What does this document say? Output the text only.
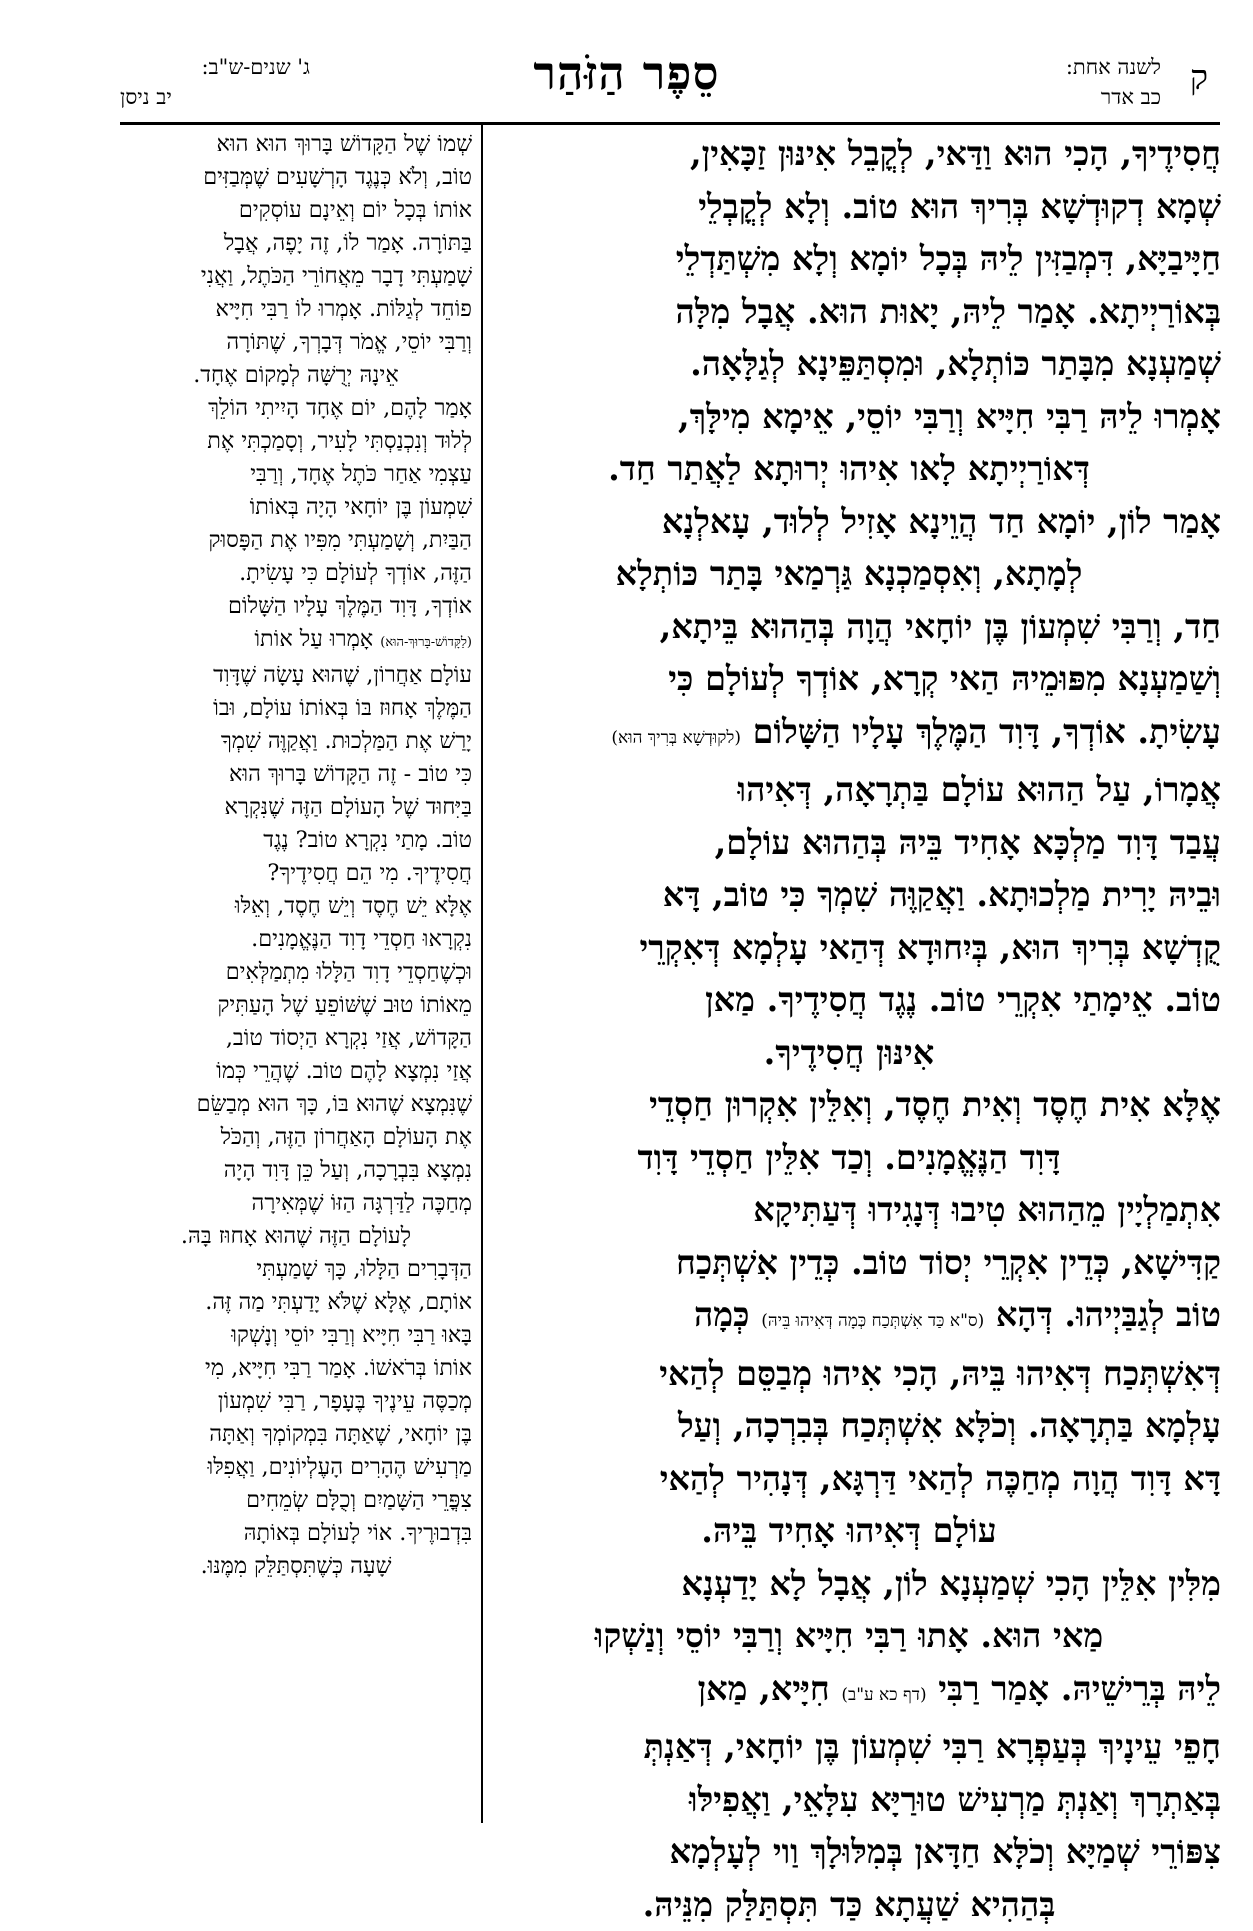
ק
לשנה אחת:
כב אדר
סֵפֶר הַזֹּהַר
ג' שנים-ש"ב:
יב ניסן

חֲסִידֶיךָ, הָכִי הוּא וַדַּאי, לְקֳבֵל אִינּוּן זַכָּאִין,

שְׁמָא דְקוּדְשָׁא בְּרִיךְ הוּא טוֹב. וְלָא לְקֳבְלֵי

חַיָּיבַיָּא, דִּמְבַזִּין לֵיהּ בְּכָל יוֹמָא וְלָא מִשְׁתַּדְלֵי

בְּאוֹרַיְיתָא. אָמַר לֵיהּ, יָאוּת הוּא. אֲבָל מִלָּה

שְׁמַעְנָא מִבָּתַר כּוֹתְלָא, וּמִסְתַּפֵּינָא לְגַלָּאָה.

אָמְרוּ לֵיהּ רַבִּי חִיָּיא וְרַבִּי יוֹסֵי, אֵימָא מִילָּךְ,

דְּאוֹרַיְיתָא לָאו אִיהוּ יְרוּתָא לַאֲתַר חַד.

אָמַר לוֹן, יוֹמָא חַד הֲוֵינָא אָזִיל לְלוּד, עָאלְנָא

לְמָתָא, וְאִסְמַכְנָא גַּרְמַאי בָּתַר כּוֹתְלָא

חַד, וְרַבִּי שִׁמְעוֹן בֶּן יוֹחָאי הֲוָה בְּהַהוּא בֵּיתָא,

וְשַׁמַעְנָא מִפּוּמֵיהּ הַאי קְרָא, אוֹדְךָ לְעוֹלָם כִּי

עָשִׂיתָ. אוֹדְךָ, דָּוִד הַמֶּלֶךְ עָלָיו הַשָּׁלוֹם (לקוּדְשָׁא בְּרִיךְ הוּא)

אֲמָרוֹ, עַל הַהוּא עוֹלָם בַּתְרָאָה, דְּאִיהוּ

עֲבַד דָּוִד מַלְכָּא אָחִיד בֵּיהּ בְּהַהוּא עוֹלָם,

וּבֵיהּ יָרִית מַלְכוּתָא. וַאֲקַוֶּה שִׁמְךָ כִּי טוֹב, דָּא

קֻדְשָׁא בְּרִיךְ הוּא, בְּיִחוּדָא דְּהַאי עָלְמָא דְּאִקְרֵי

טוֹב. אֵימָתַי אִקְרֵי טוֹב. נֶגֶד חֲסִידֶיךָ. מַאן

אִינּוּן חֲסִידֶיךָ.

אֶלָּא אִית חֶסֶד וְאִית חֶסֶד, וְאִלֵּין אִקְרוּן חַסְדֵי

דָּוִד הַנֶּאֱמָנִים. וְכַד אִלֵּין חַסְדֵי דָּוִד

אִתְמַלְיָין מֵהַהוּא טִיבוּ דְּנָגִידוּ דְּעַתִּיקָא

קַדִּישָׁא, כְּדֵין אִקְרֵי יְסוֹד טוֹב. כְּדֵין אִשְׁתְּכַח

טוֹב לְגַבַּיְיהוּ. דְּהָא (ס"א כַּד אִשְׁתְּכַח כְּמָה דְּאִיהוּ בֵּיהּ) כְּמָה

דְּאִשְׁתְּכַח דְּאִיהוּ בֵּיהּ, הָכִי אִיהוּ מְבַסֵּם לְהַאי

עָלְמָא בַּתְרָאָה. וְכֹלָּא אִשְׁתְּכַח בְּבִרְכָה, וְעַל

דָּא דָּוִד הֲוָה מְחַכֶּה לְהַאי דַּרְגָּא, דְּנָהִיר לְהַאי

עוֹלָם דְּאִיהוּ אָחִיד בֵּיהּ.

מִלִּין אִלֵּין הָכִי שְׁמַעְנָא לוֹן, אֲבָל לָא יָדַעְנָא

מַאי הוּא. אָתוּ רַבִּי חִיָּיא וְרַבִּי יוֹסֵי וְנַשְׁקוּ

לֵיהּ בְּרֵישֵׁיהּ. אָמַר רַבִּי (דף כא ע"ב) חִיָּיא, מַאן

חָפֵי עֵינָיךְ בְּעַפְרָא רַבִּי שִׁמְעוֹן בֶּן יוֹחָאי, דְּאַנְתְּ

בְּאַתְרָךְ וְאַנְתְּ מַרְעִישׁ טוּרַיָּא עִלָּאֵי, וַאֲפִילּוּ

צִפּוֹרֵי שְׁמַיָּא וְכֹלָּא חַדָּאן בְּמִלּוּלָךְ וַוי לְעָלְמָא

בְּהַהִיא שַׁעֲתָא כַּד תִּסְתַּלַּק מִנֵּיהּ.

שְׁמוֹ שֶׁל הַקָּדוֹשׁ בָּרוּךְ הוּא הוּא

טוֹב, וְלֹא כְּנֶגֶד הָרְשָׁעִים שֶׁמְּבַזִּים

אוֹתוֹ בְּכָל יוֹם וְאֵינָם עוֹסְקִים

בַּתּוֹרָה. אָמַר לוֹ, זֶה יָפֶה, אֲבָל

שָׁמַעְתִּי דָבָר מֵאֲחוֹרֵי הַכֹּתֶל, וַאֲנִי

פוֹחֵד לְגַלּוֹת. אָמְרוּ לוֹ רַבִּי חִיָּיא

וְרַבִּי יוֹסֵי, אֱמֹר דְּבָרְךָ, שֶׁתּוֹרָה

אֵינָהּ יְרֻשָּׁה לְמָקוֹם אֶחָד.

אָמַר לָהֶם, יוֹם אֶחָד הָיִיתִי הוֹלֵךְ

לְלוּד וְנִכְנַסְתִּי לָעִיר, וְסָמַכְתִּי אֶת

עַצְמִי אַחַר כֹּתֶל אֶחָד, וְרַבִּי

שִׁמְעוֹן בֶּן יוֹחָאי הָיָה בְּאוֹתוֹ

הַבַּיִת, וְשָׁמַעְתִּי מִפִּיו אֶת הַפָּסוּק

הַזֶּה, אוֹדְךָ לְעוֹלָם כִּי עָשִׂיתָ.

אוֹדְךָ, דָּוִד הַמֶּלֶךְ עָלָיו הַשָּׁלוֹם

(לַקָּדוֹשׁ-בָּרוּךְ-הוּא) אָמְרוּ עַל אוֹתוֹ

עוֹלָם אַחֲרוֹן, שֶׁהוּא עָשָׂה שֶׁדָּוִד

הַמֶּלֶךְ אָחוּז בּוֹ בְּאוֹתוֹ עוֹלָם, וּבוֹ

יָרַשׁ אֶת הַמַּלְכוּת. וַאֲקַוֶּה שִׁמְךָ

כִּי טוֹב - זֶה הַקָּדוֹשׁ בָּרוּךְ הוּא

בַּיִּחוּד שֶׁל הָעוֹלָם הַזֶּה שֶׁנִּקְרָא

טוֹב. מָתַי נִקְרָא טוֹב? נֶגֶד

חֲסִידֶיךָ. מִי הֵם חֲסִידֶיךָ?

אֶלָּא יֵשׁ חֶסֶד וְיֵשׁ חֶסֶד, וְאֵלּוּ

נִקְרָאוּ חַסְדֵי דָוִד הַנֶּאֱמָנִים.

וּכְשֶׁחַסְדֵי דָוִד הַלָּלוּ מִתְמַלְּאִים

מֵאוֹתוֹ טוּב שֶׁשּׁוֹפֵעַ שֶׁל הָעַתִּיק

הַקָּדוֹשׁ, אֲזַי נִקְרָא הַיְסוֹד טוֹב,

אֲזַי נִמְצָא לָהֶם טוֹב. שֶׁהֲרֵי כְּמוֹ

שֶׁנִּמְצָא שֶׁהוּא בּוֹ, כָּךְ הוּא מְבַשֵּׂם

אֶת הָעוֹלָם הָאַחֲרוֹן הַזֶּה, וְהַכֹּל

נִמְצָא בִּבְרָכָה, וְעַל כֵּן דָּוִד הָיָה

מְחַכֶּה לַדַּרְגָּה הַזּוֹ שֶׁמְּאִירָה

לָעוֹלָם הַזֶּה שֶׁהוּא אָחוּז בָּהּ.

הַדְּבָרִים הַלָּלוּ, כָּךְ שָׁמַעְתִּי

אוֹתָם, אֶלָּא שֶׁלֹּא יָדַעְתִּי מַה זֶּה.

בָּאוּ רַבִּי חִיָּיא וְרַבִּי יוֹסֵי וְנָשְׁקוּ

אוֹתוֹ בְּרֹאשׁוֹ. אָמַר רַבִּי חִיָּיא, מִי

מְכַסֶּה עֵינֶיךָ בֶּעָפָר, רַבִּי שִׁמְעוֹן

בֶּן יוֹחָאי, שֶׁאַתָּה בִּמְקוֹמְךָ וְאַתָּה

מַרְעִישׁ הֶהָרִים הָעֶלְיוֹנִים, וַאֲפִלּוּ

צִפֳּרֵי הַשָּׁמַיִם וְכֻלָּם שְׂמֵחִים

בִּדְבוּרֶיךָ. אוֹי לָעוֹלָם בְּאוֹתָהּ

שָׁעָה כְּשֶׁתִּסְתַּלֵּק מִמֶּנּוּ.
